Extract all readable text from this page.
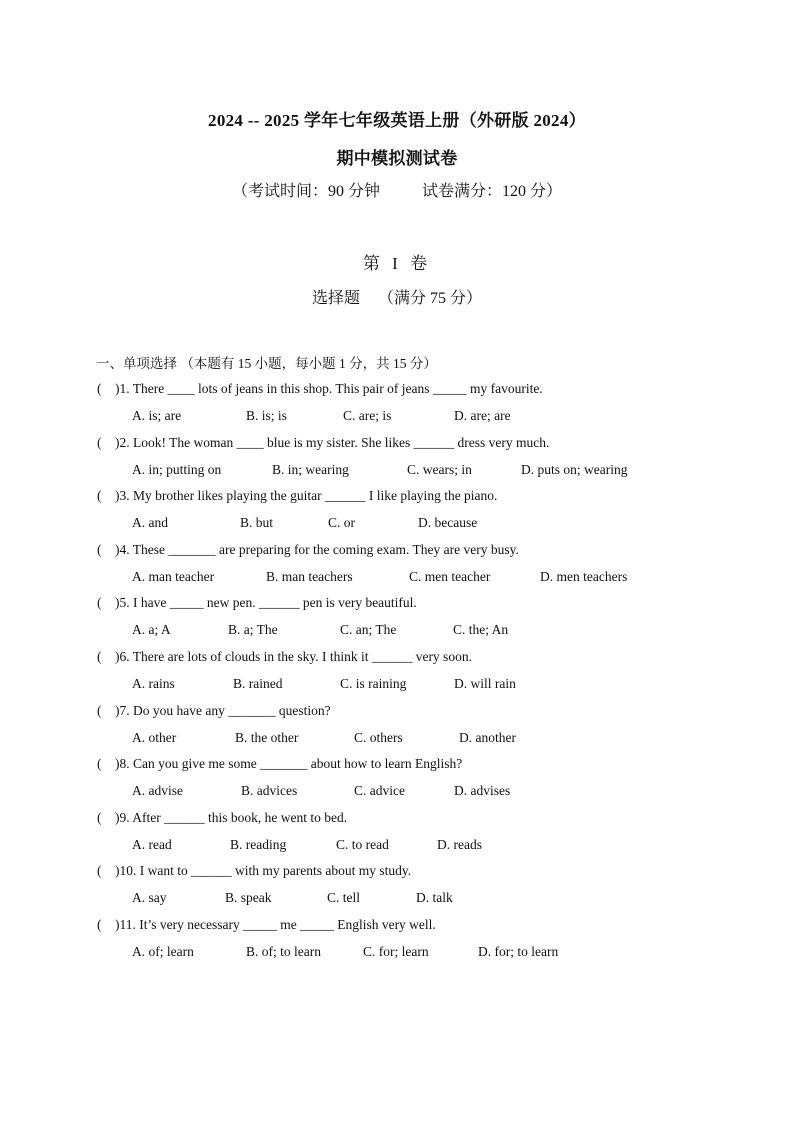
2024 -- 2025 学年七年级英语上册（外研版 2024）
期中模拟测试卷
（考试时间：90 分钟	试卷满分：120 分）
第 I 卷
选择题 （满分 75 分）
一、单项选择 （本题有 15 小题，每小题 1 分，共 15 分）
( )1. There ____ lots of jeans in this shop. This pair of jeans _____ my favourite.
A. is; are	B. is; is	C. are; is	D. are; are
( )2. Look! The woman ____ blue is my sister. She likes ______ dress very much.
A. in; putting on	B. in; wearing	C. wears; in	D. puts on; wearing
( )3. My brother likes playing the guitar ______ I like playing the piano.
A. and	B. but	C. or	D. because
( )4. These _______ are preparing for the coming exam. They are very busy.
A. man teacher	B. man teachers	C. men teacher	D. men teachers
( )5. I have _____ new pen. ______ pen is very beautiful.
A. a; A	B. a; The	C. an; The	C. the; An
( )6. There are lots of clouds in the sky. I think it ______ very soon.
A. rains	B. rained	C. is raining	D. will rain
( )7. Do you have any _______ question?
A. other	B. the other	C. others	D. another
( )8. Can you give me some _______ about how to learn English?
A. advise	B. advices	C. advice	D. advises
( )9. After ______ this book, he went to bed.
A. read	B. reading	C. to read	D. reads
( )10. I want to ______ with my parents about my study.
A. say	B. speak	C. tell	D. talk
( )11. It’s very necessary _____ me _____ English very well.
A. of; learn	B. of; to learn	C. for; learn	D. for; to learn
